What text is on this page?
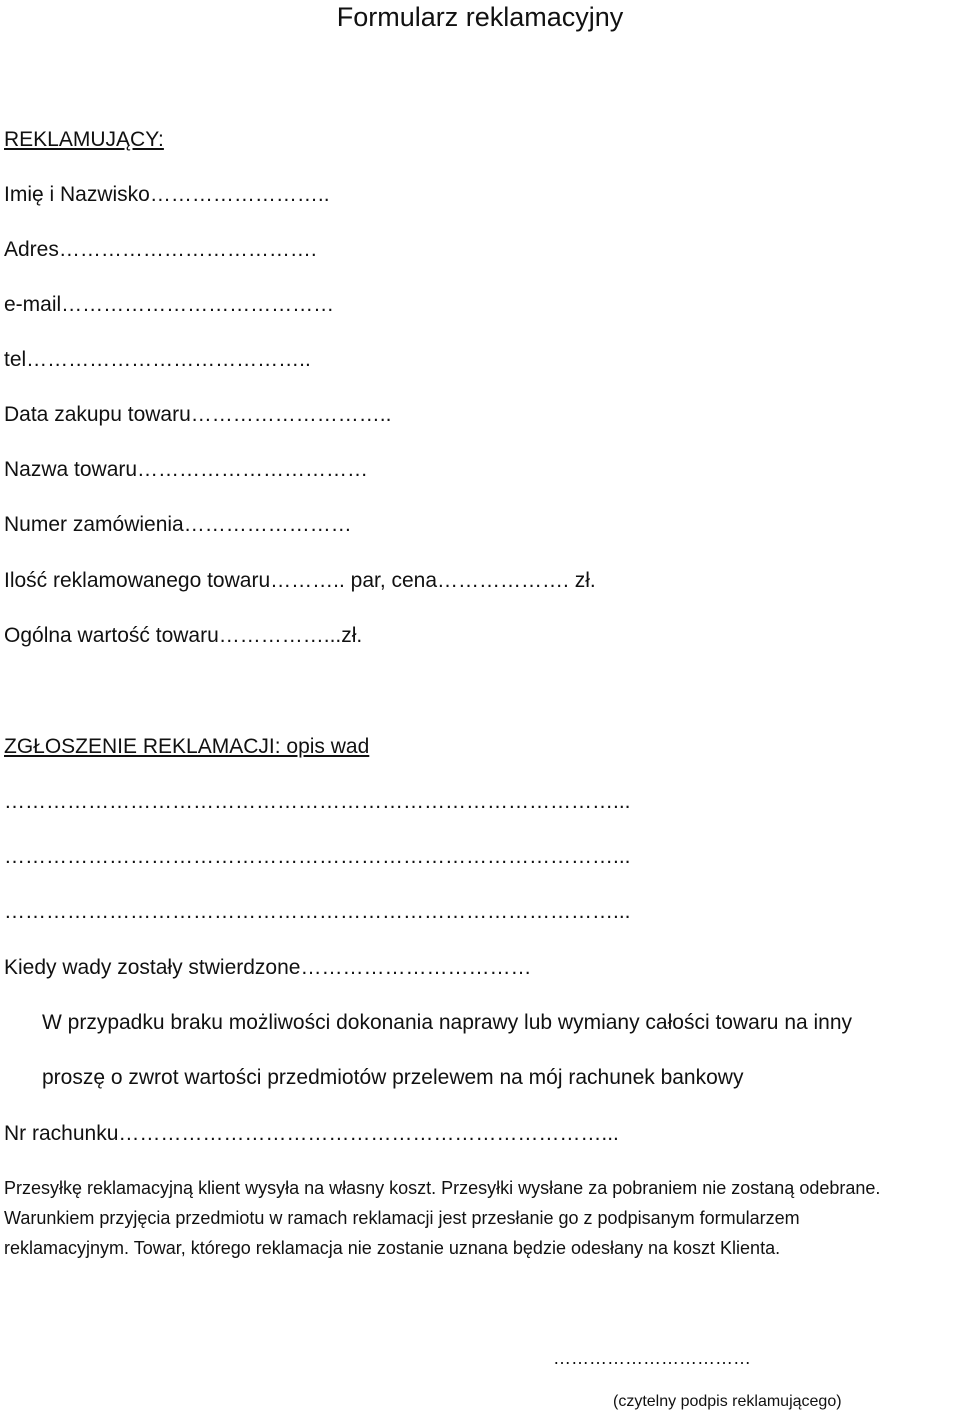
Formularz reklamacyjny
REKLAMUJĄCY:
Imię i Nazwisko……………………..
Adres……………………………….
e-mail…………………………………
tel…………………………………..
Data zakupu towaru………………………..
Nazwa towaru……………………………
Numer zamówienia……………………
Ilość reklamowanego towaru……….. par, cena………………. zł.
Ogólna wartość towaru……………...zł.
ZGŁOSZENIE REKLAMACJI: opis wad
……………………………………………………………………………...
……………………………………………………………………………...
……………………………………………………………………………...
Kiedy wady zostały stwierdzone……………………………
W przypadku braku możliwości dokonania naprawy lub wymiany całości towaru na inny
proszę o zwrot wartości przedmiotów przelewem na mój rachunek bankowy
Nr rachunku……………………………………………………………...
Przesyłkę reklamacyjną klient wysyła na własny koszt. Przesyłki wysłane za pobraniem nie zostaną odebrane.
Warunkiem przyjęcia przedmiotu w ramach reklamacji jest przesłanie go z podpisanym formularzem
reklamacyjnym. Towar, którego reklamacja nie zostanie uznana będzie odesłany na koszt Klienta.
……………………………
(czytelny podpis reklamującego)
